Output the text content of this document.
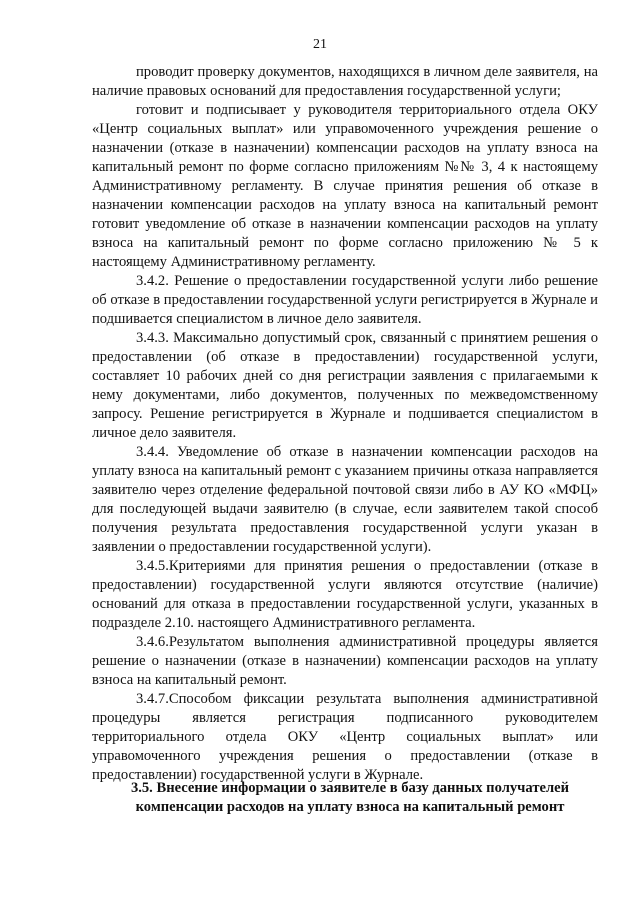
21

проводит проверку документов, находящихся в личном деле заявителя, на наличие правовых оснований для предоставления государственной услуги;

готовит и подписывает у руководителя территориального отдела ОКУ «Центр социальных выплат» или управомоченного учреждения решение о назначении (отказе в назначении) компенсации расходов на уплату взноса на капитальный ремонт по форме согласно приложениям №№ 3, 4 к настоящему Административному регламенту. В случае принятия решения об отказе в назначении компенсации расходов на уплату взноса на капитальный ремонт готовит уведомление об отказе в назначении компенсации расходов на уплату взноса на капитальный ремонт по форме согласно приложению № 5 к настоящему Административному регламенту.

3.4.2. Решение о предоставлении государственной услуги либо решение об отказе в предоставлении государственной услуги регистрируется в Журнале и подшивается специалистом в личное дело заявителя.

3.4.3. Максимально допустимый срок, связанный с принятием решения о предоставлении (об отказе в предоставлении) государственной услуги, составляет 10 рабочих дней со дня регистрации заявления с прилагаемыми к нему документами, либо документов, полученных по межведомственному запросу. Решение регистрируется в Журнале и подшивается специалистом в личное дело заявителя.

3.4.4. Уведомление об отказе в назначении компенсации расходов на уплату взноса на капитальный ремонт с указанием причины отказа направляется заявителю через отделение федеральной почтовой связи либо в АУ КО «МФЦ» для последующей выдачи заявителю (в случае, если заявителем такой способ получения результата предоставления государственной услуги указан в заявлении о предоставлении государственной услуги).

3.4.5.Критериями для принятия решения о предоставлении (отказе в предоставлении) государственной услуги являются отсутствие (наличие) оснований для отказа в предоставлении государственной услуги, указанных в подразделе 2.10. настоящего Административного регламента.

3.4.6.Результатом выполнения административной процедуры является решение о назначении (отказе в назначении) компенсации расходов на уплату взноса на капитальный ремонт.

3.4.7.Способом фиксации результата выполнения административной процедуры является регистрация подписанного руководителем территориального отдела ОКУ «Центр социальных выплат» или управомоченного учреждения решения о предоставлении (отказе в предоставлении) государственной услуги в Журнале.

3.5. Внесение информации о заявителе в базу данных получателей компенсации расходов на уплату взноса на капитальный ремонт
